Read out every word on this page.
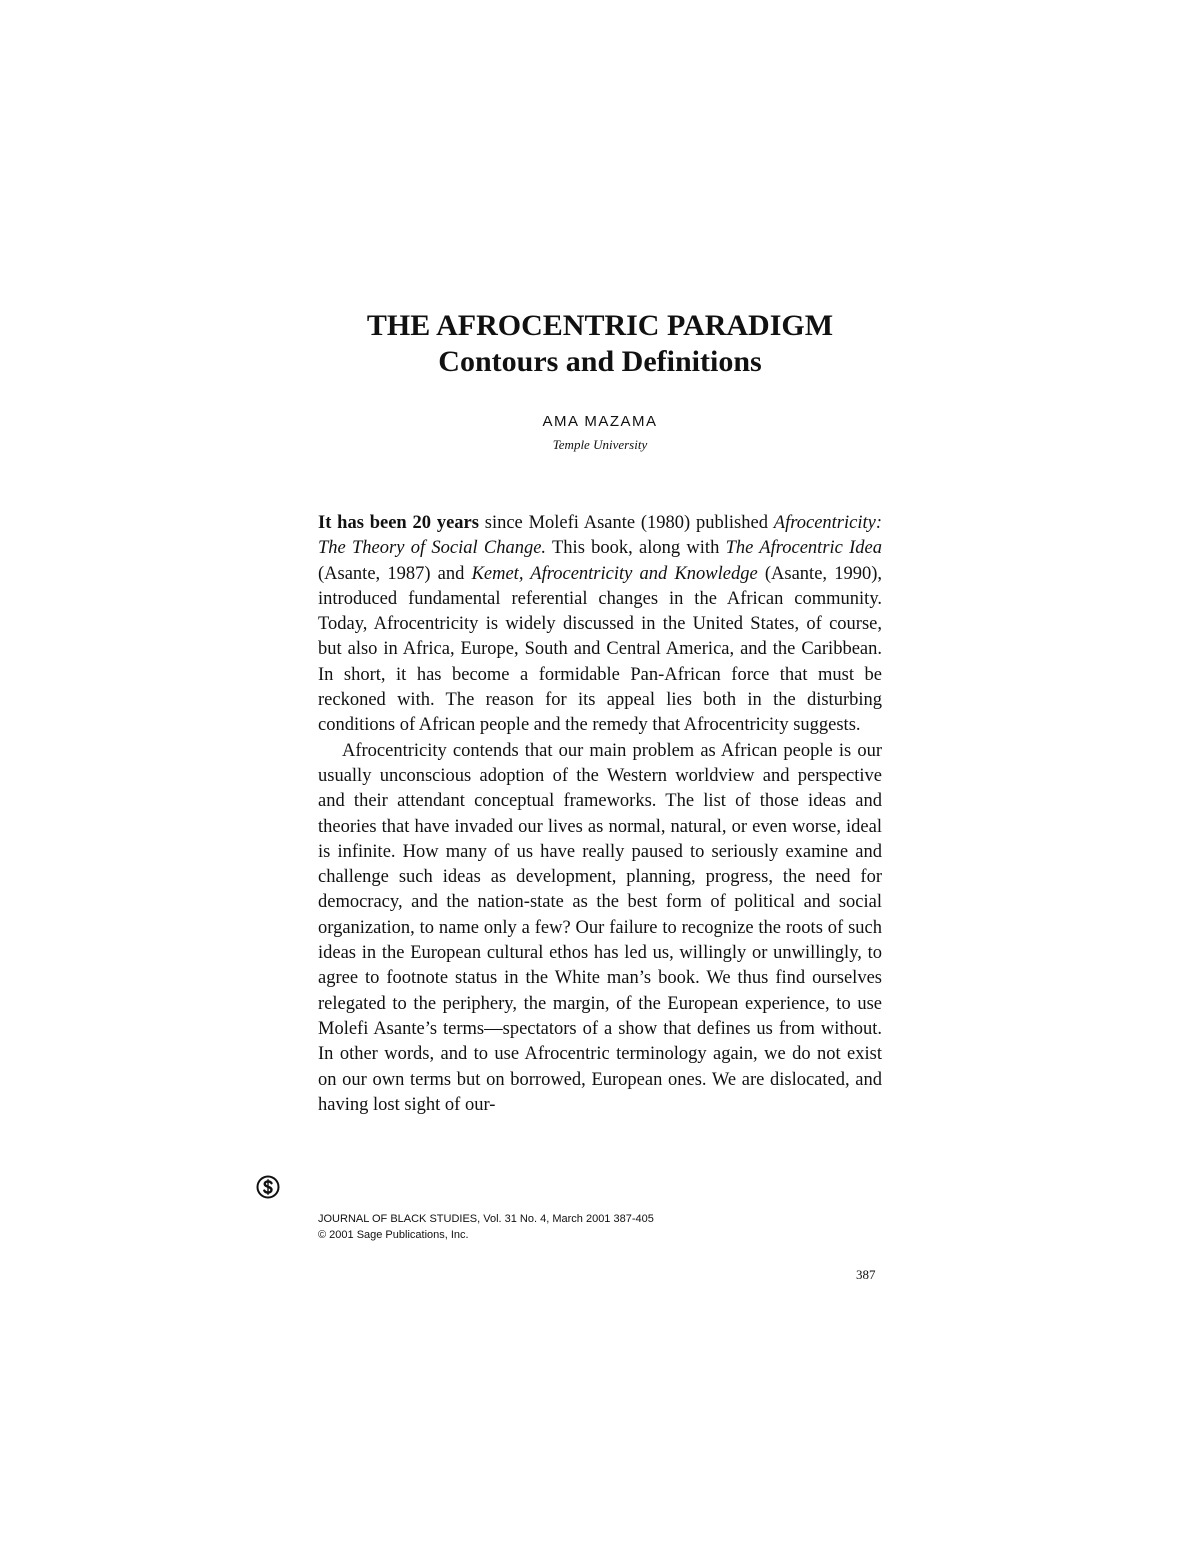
THE AFROCENTRIC PARADIGM
Contours and Definitions
AMA MAZAMA
Temple University

It has been 20 years since Molefi Asante (1980) published Afrocentricity: The Theory of Social Change. This book, along with The Afrocentric Idea (Asante, 1987) and Kemet, Afrocentricity and Knowledge (Asante, 1990), introduced fundamental referential changes in the African community. Today, Afrocentricity is widely discussed in the United States, of course, but also in Africa, Europe, South and Central America, and the Caribbean. In short, it has become a formidable Pan-African force that must be reckoned with. The reason for its appeal lies both in the disturbing conditions of African people and the remedy that Afrocentricity suggests.

Afrocentricity contends that our main problem as African people is our usually unconscious adoption of the Western worldview and perspective and their attendant conceptual frameworks. The list of those ideas and theories that have invaded our lives as normal, natural, or even worse, ideal is infinite. How many of us have really paused to seriously examine and challenge such ideas as development, planning, progress, the need for democracy, and the nation-state as the best form of political and social organization, to name only a few? Our failure to recognize the roots of such ideas in the European cultural ethos has led us, willingly or unwillingly, to agree to footnote status in the White man’s book. We thus find ourselves relegated to the periphery, the margin, of the European experience, to use Molefi Asante’s terms—spectators of a show that defines us from without. In other words, and to use Afrocentric terminology again, we do not exist on our own terms but on borrowed, European ones. We are dislocated, and having lost sight of our-

JOURNAL OF BLACK STUDIES, Vol. 31 No. 4, March 2001 387-405
© 2001 Sage Publications, Inc.
387
